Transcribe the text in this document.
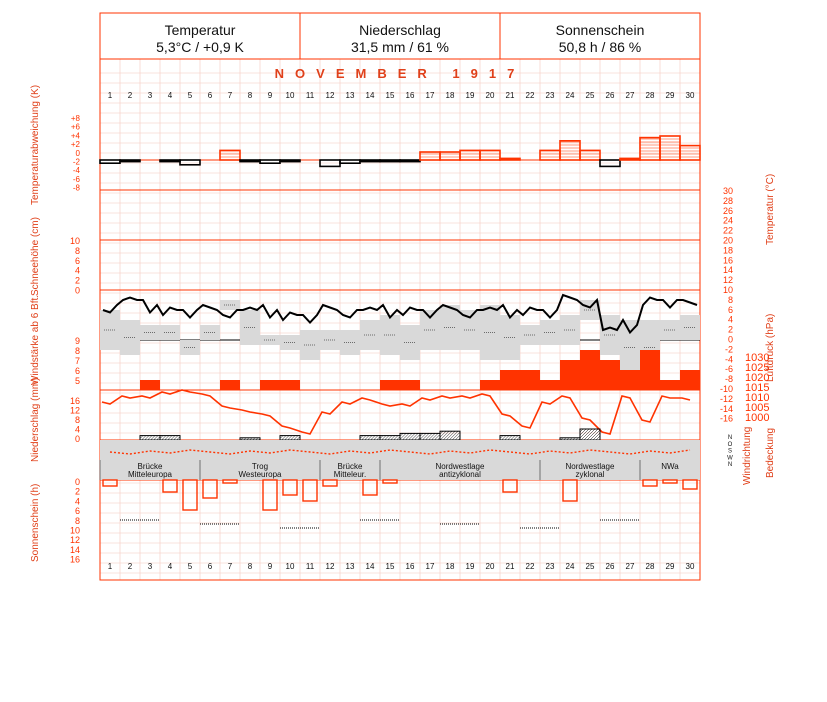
1
1
2
2
3
3
4
4
5
5
6
6
7
7
8
8
9
9
10
10
11
11
12
12
13
13
14
14
15
15
16
16
17
17
18
18
19
19
20
20
21
21
22
22
23
23
24
24
25
25
26
26
27
27
28
28
29
29
30
30
+8
+6
+4
+2
0
-2
-4
-6
-8	30
28
26
24
22
20
18
16
14
12
10
8
6
4
2
0
-2
-4
-6
-8
-10
-12
-14
-16
10
8
6
4
2
0
1030
1025
1020
1015
1010
1005
1000
9
8
7
6
5
16
12
8
4
0	N
O
S
W
N
Brücke
Mitteleuropa
Trog
Westeuropa
Brücke
Mitteleur.
Nordwestlage
antizyklonal
Nordwestlage
zyklonal
NWa
0
2
4
6
8
10
12
14
16
Temperatur
5,3°C / +0,9 K
Niederschlag
31,5 mm / 61 %
Sonnenschein
50,8 h / 86 %
NOVEMBER 1917
Temperaturabweichung (K)
Schneehöhe (cm)
Windstärke ab 6 Bft.
Niederschlag (mm)
Sonnenschein (h)
Temperatur (°C)
Luftdruck (hPa)
Windrichtung Bedeckung
